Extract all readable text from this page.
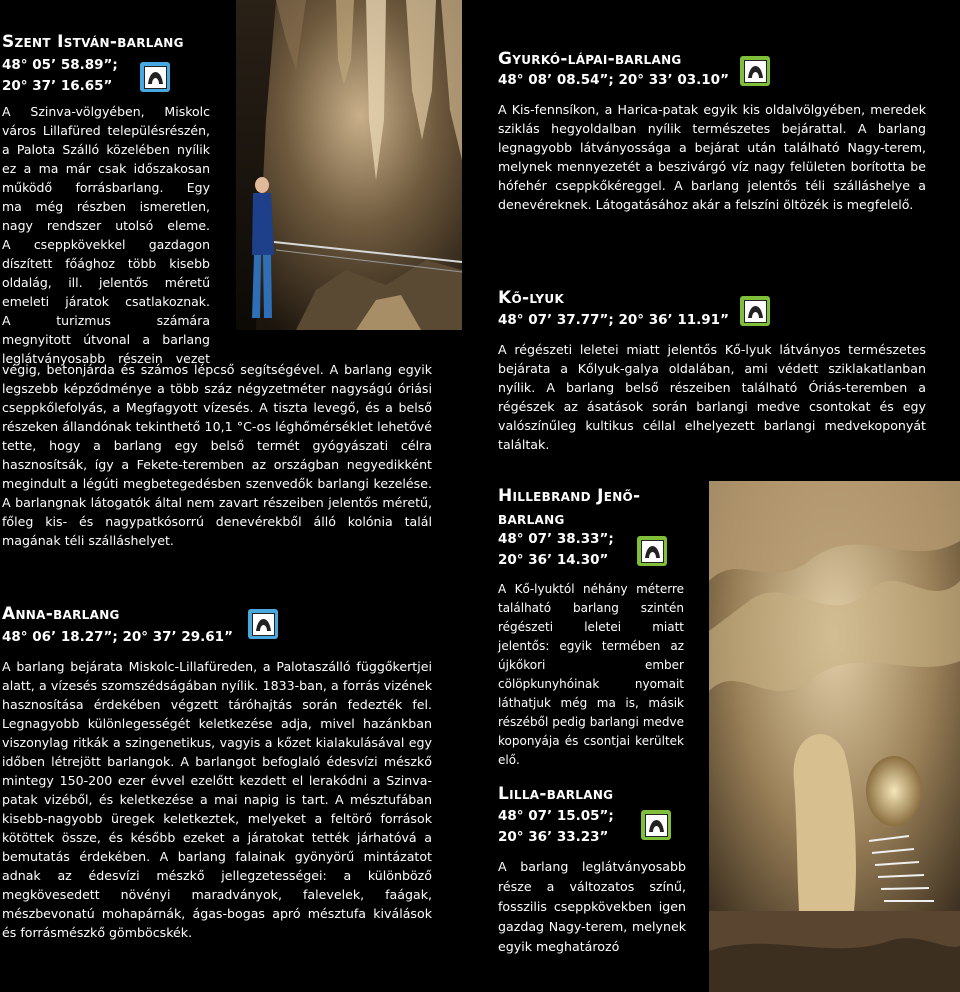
Szent István-barlang
48° 05’ 58.89”;
20° 37’ 16.65”
A Szinva-völgyében, Miskolc
város Lillafüred településrészén,
a Palota Szálló közelében nyílik
ez a ma már csak időszakosan
működő forrásbarlang. Egy
ma még részben ismeretlen,
nagy rendszer utolsó eleme.
A cseppkövekkel gazdagon
díszített főághoz több kisebb
oldalág, ill. jelentős méretű
emeleti járatok csatlakoznak.
A turizmus számára
megnyitott útvonal a barlang
leglátványosabb részein vezet

végig, betonjárda és számos lépcső segítségével. A barlang egyik legszebb képződménye a több száz négyzetméter nagyságú óriási cseppkőlefolyás, a Megfagyott vízesés. A tiszta levegő, és a belső részeken állandónak tekinthető 10,1 °C-os léghőmérséklet lehetővé tette, hogy a barlang egy belső termét gyógyászati célra hasznosítsák, így a Fekete-teremben az országban negyedikként megindult a légúti megbetegedésben szenvedők barlangi kezelése. A barlangnak látogatók által nem zavart részeiben jelentős méretű, főleg kis- és nagypatkósorrú denevérekből álló kolónia talál magának téli szálláshelyet.

Anna-barlang
48° 06’ 18.27”; 20° 37’ 29.61”

A barlang bejárata Miskolc-Lillafüreden, a Palotaszálló függőkertjei alatt, a vízesés szomszédságában nyílik. 1833-ban, a forrás vizének hasznosítása érdekében végzett táróhajtás során fedezték fel. Legnagyobb különlegességét keletkezése adja, mivel hazánkban viszonylag ritkák a szingenetikus, vagyis a kőzet kialakulásával egy időben létrejött barlangok. A barlangot befoglaló édesvízi mészkő mintegy 150-200 ezer évvel ezelőtt kezdett el lerakódni a Szinva-patak vizéből, és keletkezése a mai napig is tart. A mésztufában kisebb-nagyobb üregek keletkeztek, melyeket a feltörő források kötöttek össze, és később ezeket a járatokat tették járhatóvá a bemutatás érdekében. A barlang falainak gyönyörű mintázatot adnak az édesvízi mészkő jellegzetességei: a különböző megkövesedett növényi maradványok, falevelek, faágak, mészbevonatú mohapárnák, ágas-bogas apró mésztufa kiválások és forrásmészkő gömböcskék.

Gyurkó-lápai-barlang
48° 08’ 08.54”; 20° 33’ 03.10”

A Kis-fennsíkon, a Harica-patak egyik kis oldalvölgyében, meredek sziklás hegyoldalban nyílik természetes bejárattal. A barlang legnagyobb látványossága a bejárat után található Nagy-terem, melynek mennyezetét a beszivárgó víz nagy felületen borította be hófehér cseppkőkéreggel. A barlang jelentős téli szálláshelye a denevéreknek. Látogatásához akár a felszíni öltözék is megfelelő.

Kő-lyuk
48° 07’ 37.77”; 20° 36’ 11.91”

A régészeti leletei miatt jelentős Kő-lyuk látványos természetes bejárata a Kőlyuk-galya oldalában, ami védett sziklakatlanban nyílik. A barlang belső részeiben található Óriás-teremben a régészek az ásatások során barlangi medve csontokat és egy valószínűleg kultikus céllal elhelyezett barlangi medvekoponyát találtak.

Hillebrand Jenő-
barlang
48° 07’ 38.33”;
20° 36’ 14.30”

A Kő-lyuktól néhány méterre található barlang szintén régészeti leletei miatt jelentős: egyik termében az újkőkori ember cölöpkunyhóinak nyomait láthatjuk még ma is, másik részéből pedig barlangi medve koponyája és csontjai kerültek elő.

Lilla-barlang
48° 07’ 15.05”;
20° 36’ 33.23”

A barlang leglátványosabb része a változatos színű, fosszilis cseppkövekben igen gazdag Nagy-terem, melynek egyik meghatározó
